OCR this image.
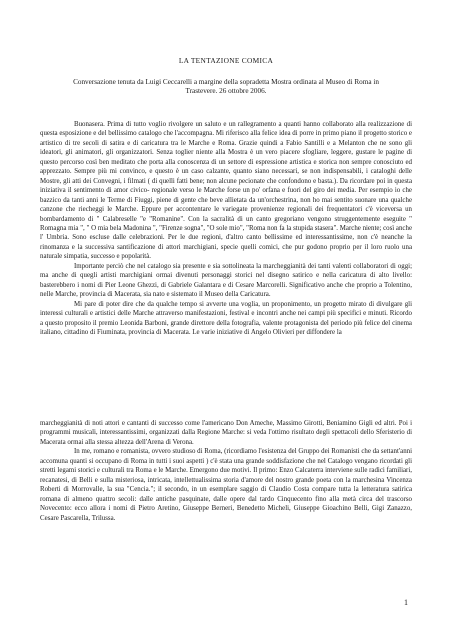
LA TENTAZIONE COMICA
Conversazione tenuta da Luigi Ceccarelli a margine della sopradetta Mostra ordinata al Museo di Roma in Trastevere. 26 ottobre 2006.

Buonasera. Prima di tutto voglio rivolgere un saluto e un rallegramento a quanti hanno collaborato alla realizzazione di questa esposizione e del bellissimo catalogo che l'accompagna. Mi riferisco alla felice idea di porre in primo piano il progetto storico e artistico di tre secoli di satira e di caricatura tra le Marche e Roma. Grazie quindi a Fabio Santilli e a Melanton che ne sono gli ideatori, gli animatori, gli organizzatori. Senza toglier niente alla Mostra è un vero piacere sfogliare, leggere, gustare le pagine di questo percorso così ben meditato che porta alla conoscenza di un settore di espressione artistica e storica non sempre conosciuto ed apprezzato. Sempre più mi convinco, e questo è un caso calzante, quanto siano necessari, se non indispensabili, i cataloghi delle Mostre, gli atti dei Convegni, i filmati ( di quelli fatti bene; non alcune pecionate che confondono e basta.). Da ricordare poi in questa iniziativa il sentimento di amor civico- regionale verso le Marche forse un po' orfana e fuori del giro dei media. Per esempio io che bazzico da tanti anni le Terme di Fiuggi, piene di gente che beve allietata da un'orchestrina, non ho mai sentito suonare una qualche canzone che riecheggi le Marche. Eppure per accontentare le variegate provenienze regionali dei frequentatori c'è viceversa un bombardamento di " Calabreselle "e "Romanine". Con la sacralità di un canto gregoriano vengono struggentemente eseguite " Romagna mia ", " O mia bela Madonina ", "Firenze sogna", "O sole mio", "Roma non fa la stupida stasera". Marche niente; così anche l' Umbria. Sono escluse dalle celebrazioni. Per le due regioni, d'altro canto bellissime ed interessantissime, non c'è neanche la rinomanza e la successiva santificazione di attori marchigiani, specie quelli comici, che pur godono proprio per il loro ruolo una naturale simpatia, successo e popolarità.

Importante perciò che nel catalogo sia presente e sia sottolineata la marcheggianità dei tanti valenti collaboratori di oggi; ma anche di quegli artisti marchigiani ormai divenuti personaggi storici nel disegno satirico e nella caricatura di alto livello: basterebbero i nomi di Pier Leone Ghezzi, di Gabriele Galantara e di Cesare Marcorelli. Significativo anche che proprio a Tolentino, nelle Marche, provincia di Macerata, sia nato e sistemato il Museo della Caricatura.

Mi pare di poter dire che da qualche tempo si avverte una voglia, un proponimento, un progetto mirato di divulgare gli interessi culturali e artistici delle Marche attraverso manifestazioni, festival e incontri anche nei campi più specifici e minuti. Ricordo a questo proposito il premio Leonida Barboni, grande direttore della fotografia, valente protagonista del periodo più felice del cinema italiano, cittadino di Fiuminata, provincia di Macerata. Le varie iniziative di Angelo Olivieri per diffondere la

marcheggianità di noti attori e cantanti di successo come l'americano Don Ameche, Massimo Girotti, Beniamino Gigli ed altri. Poi i programmi musicali, interessantissimi, organizzati dalla Regione Marche: si veda l'ottimo risultato degli spettacoli dello Sferisterio di Macerata ormai alla stessa altezza dell'Arena di Verona.

In me, romano e romanista, ovvero studioso di Roma, (ricordiamo l'esistenza del Gruppo dei Romanisti che da settant'anni accomuna quanti si occupano di Roma in tutti i suoi aspetti ) c'è stata una grande soddisfazione che nel Catalogo vengano ricordati gli stretti legami storici e culturali tra Roma e le Marche. Emergono due motivi. Il primo: Enzo Calcaterra interviene sulle radici familiari, recanatesi, di Belli e sulla misteriosa, intricata, intellettualissima storia d'amore del nostro grande poeta con la marchesina Vincenza Roberti di Morrovalle, la sua "Cencia."; il secondo, in un esemplare saggio di Claudio Costa compare tutta la letteratura satirica romana di almeno quattro secoli: dalle antiche pasquinate, dalle opere dal tardo Cinquecento fino alla metà circa del trascorso Novecento: ecco allora i nomi di Pietro Aretino, Giuseppe Berneri, Benedetto Micheli, Giuseppe Gioachino Belli, Gigi Zanazzo, Cesare Pascarella, Trilussa.

1
